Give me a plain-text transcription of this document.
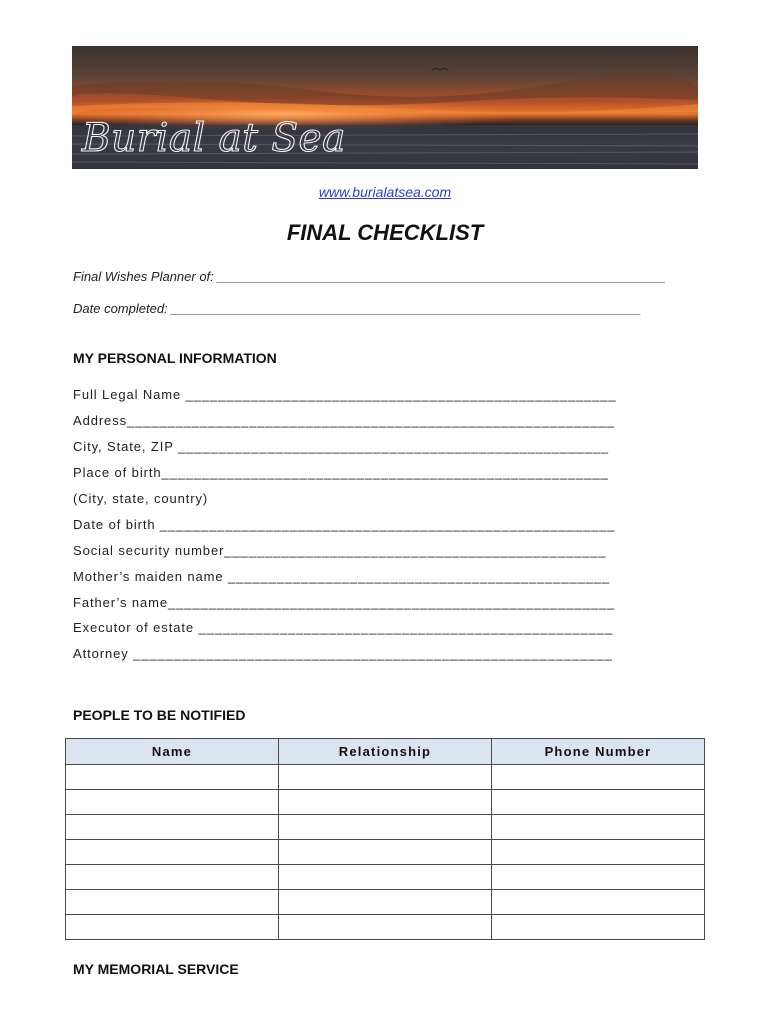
Burial at Sea
www.burialatsea.com
FINAL CHECKLIST
Final Wishes Planner of: ______________________________________________________________
Date completed: _________________________________________________________________
MY PERSONAL INFORMATION
Full Legal Name _____________________________________________________
Address____________________________________________________________
City, State, ZIP _____________________________________________________
Place of birth_______________________________________________________
(City, state, country)
Date of birth ________________________________________________________
Social security number_______________________________________________
Mother’s maiden name _______________________________________________
Father’s name_______________________________________________________
Executor of estate ___________________________________________________
Attorney ___________________________________________________________
PEOPLE TO BE NOTIFIED
Name	Relationship	Phone Number

MY MEMORIAL SERVICE
